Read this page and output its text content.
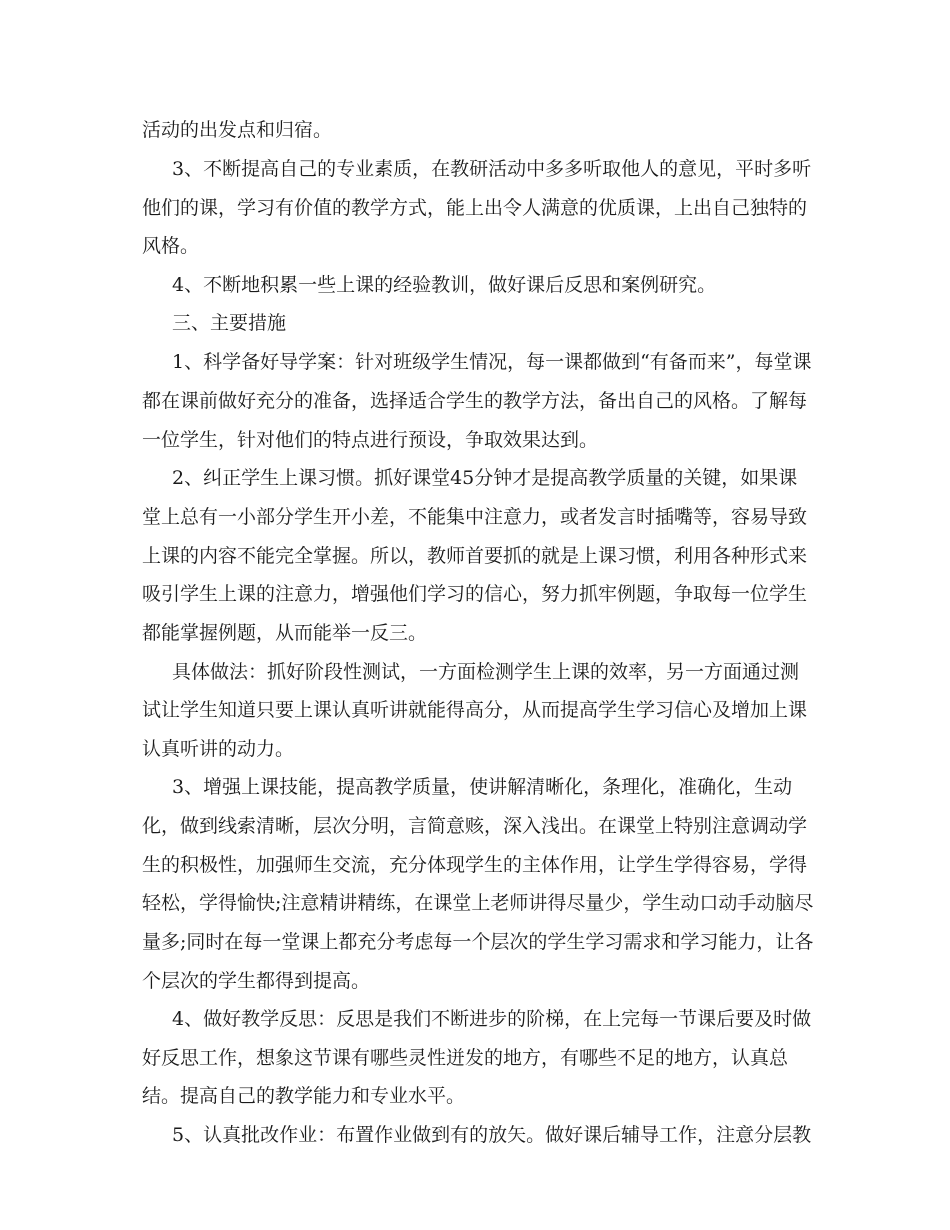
活动的出发点和归宿。
3、不断提高自己的专业素质，在教研活动中多多听取他人的意见，平时多听
他们的课，学习有价值的教学方式，能上出令人满意的优质课，上出自己独特的
风格。
4、不断地积累一些上课的经验教训，做好课后反思和案例研究。
三、主要措施
1、科学备好导学案：针对班级学生情况，每一课都做到“有备而来”，每堂课
都在课前做好充分的准备，选择适合学生的教学方法，备出自己的风格。了解每
一位学生，针对他们的特点进行预设，争取效果达到。
2、纠正学生上课习惯。抓好课堂45分钟才是提高教学质量的关键，如果课
堂上总有一小部分学生开小差，不能集中注意力，或者发言时插嘴等，容易导致
上课的内容不能完全掌握。所以，教师首要抓的就是上课习惯，利用各种形式来
吸引学生上课的注意力，增强他们学习的信心，努力抓牢例题，争取每一位学生
都能掌握例题，从而能举一反三。
具体做法：抓好阶段性测试，一方面检测学生上课的效率，另一方面通过测
试让学生知道只要上课认真听讲就能得高分，从而提高学生学习信心及增加上课
认真听讲的动力。
3、增强上课技能，提高教学质量，使讲解清晰化，条理化，准确化，生动
化，做到线索清晰，层次分明，言简意赅，深入浅出。在课堂上特别注意调动学
生的积极性，加强师生交流，充分体现学生的主体作用，让学生学得容易，学得
轻松，学得愉快;注意精讲精练，在课堂上老师讲得尽量少，学生动口动手动脑尽
量多;同时在每一堂课上都充分考虑每一个层次的学生学习需求和学习能力，让各
个层次的学生都得到提高。
4、做好教学反思：反思是我们不断进步的阶梯，在上完每一节课后要及时做
好反思工作，想象这节课有哪些灵性迸发的地方，有哪些不足的地方，认真总
结。提高自己的教学能力和专业水平。
5、认真批改作业：布置作业做到有的放矢。做好课后辅导工作，注意分层教
